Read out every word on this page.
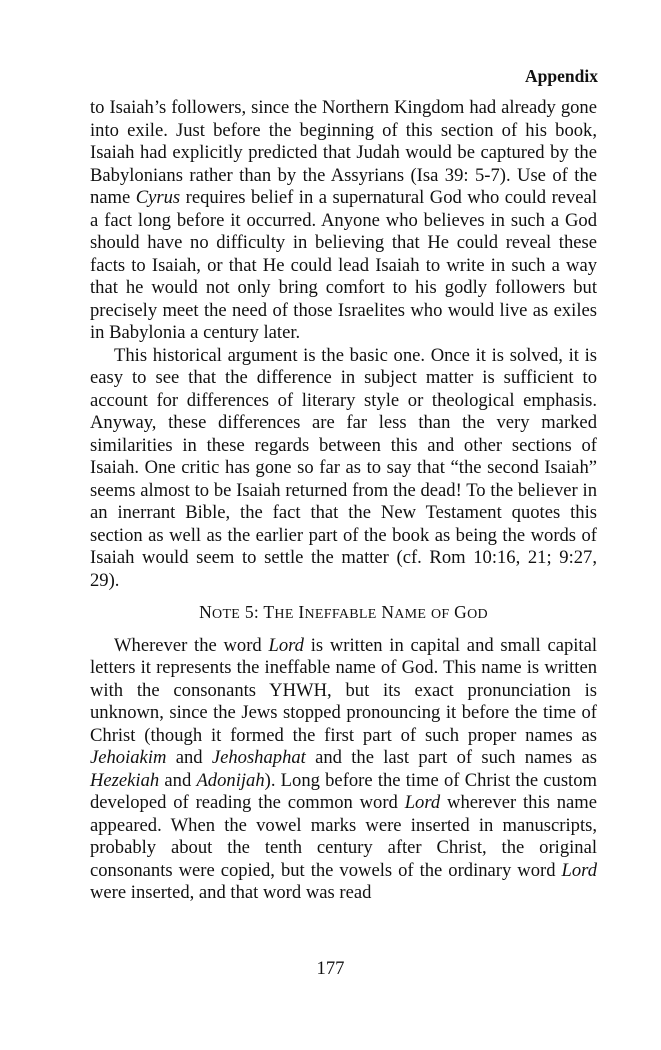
Appendix

to Isaiah’s followers, since the Northern Kingdom had already gone into exile. Just before the beginning of this section of his book, Isaiah had explicitly predicted that Judah would be captured by the Babylonians rather than by the Assyrians (Isa 39: 5-7). Use of the name Cyrus requires belief in a supernatural God who could reveal a fact long before it occurred. Anyone who believes in such a God should have no difficulty in believing that He could reveal these facts to Isaiah, or that He could lead Isaiah to write in such a way that he would not only bring comfort to his godly followers but precisely meet the need of those Israelites who would live as exiles in Babylonia a century later.

This historical argument is the basic one. Once it is solved, it is easy to see that the difference in subject matter is sufficient to account for differences of literary style or theological emphasis. Anyway, these differences are far less than the very marked similarities in these regards between this and other sections of Isaiah. One critic has gone so far as to say that “the second Isaiah” seems almost to be Isaiah returned from the dead! To the believer in an inerrant Bible, the fact that the New Testament quotes this section as well as the earlier part of the book as being the words of Isaiah would seem to settle the matter (cf. Rom 10:16, 21; 9:27, 29).

NOTE 5: THE INEFFABLE NAME OF GOD

Wherever the word Lord is written in capital and small capital letters it represents the ineffable name of God. This name is written with the consonants YHWH, but its exact pronunciation is unknown, since the Jews stopped pronouncing it before the time of Christ (though it formed the first part of such proper names as Jehoiakim and Jehoshaphat and the last part of such names as Hezekiah and Adonijah). Long before the time of Christ the custom developed of reading the common word Lord wherever this name appeared. When the vowel marks were inserted in manuscripts, probably about the tenth century after Christ, the original consonants were copied, but the vowels of the ordinary word Lord were inserted, and that word was read

177
